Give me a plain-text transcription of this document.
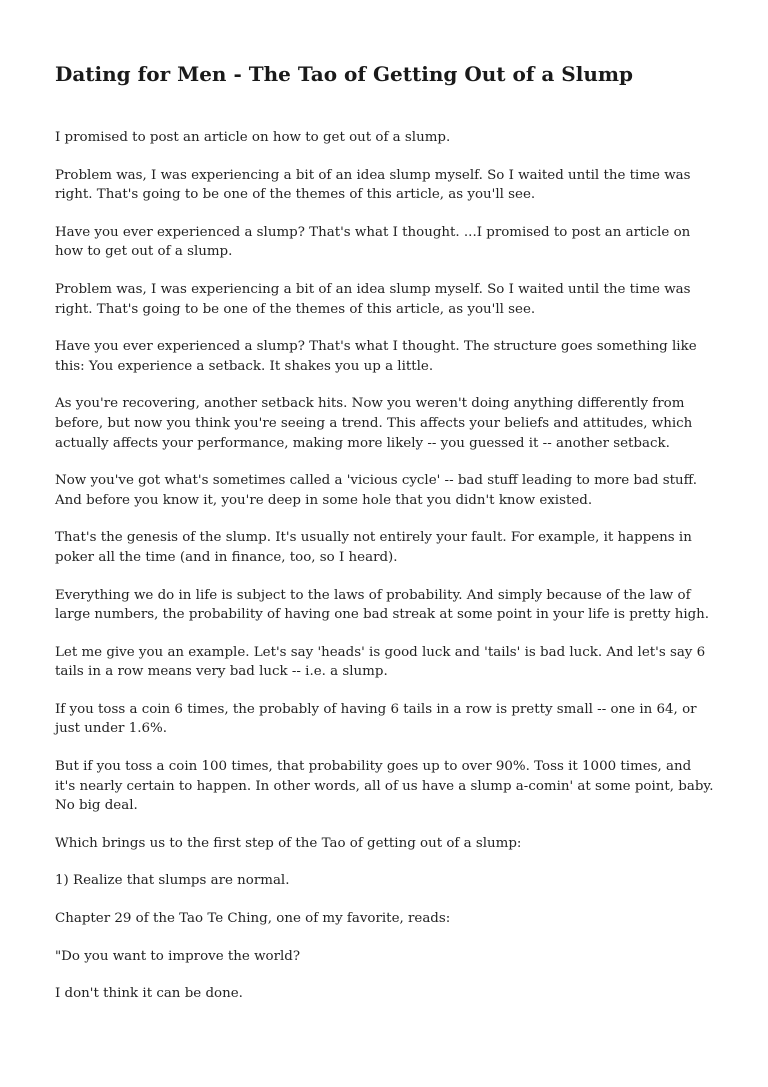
Dating for Men - The Tao of Getting Out of a Slump

I promised to post an article on how to get out of a slump.

Problem was, I was experiencing a bit of an idea slump myself. So I waited until the time was right. That's going to be one of the themes of this article, as you'll see.

Have you ever experienced a slump? That's what I thought. ...I promised to post an article on how to get out of a slump.

Problem was, I was experiencing a bit of an idea slump myself. So I waited until the time was right. That's going to be one of the themes of this article, as you'll see.

Have you ever experienced a slump? That's what I thought. The structure goes something like this: You experience a setback. It shakes you up a little.

As you're recovering, another setback hits. Now you weren't doing anything differently from before, but now you think you're seeing a trend. This affects your beliefs and attitudes, which actually affects your performance, making more likely -- you guessed it -- another setback.

Now you've got what's sometimes called a 'vicious cycle' -- bad stuff leading to more bad stuff. And before you know it, you're deep in some hole that you didn't know existed.

That's the genesis of the slump. It's usually not entirely your fault. For example, it happens in poker all the time (and in finance, too, so I heard).

Everything we do in life is subject to the laws of probability. And simply because of the law of large numbers, the probability of having one bad streak at some point in your life is pretty high.

Let me give you an example. Let's say 'heads' is good luck and 'tails' is bad luck. And let's say 6 tails in a row means very bad luck -- i.e. a slump.

If you toss a coin 6 times, the probably of having 6 tails in a row is pretty small -- one in 64, or just under 1.6%.

But if you toss a coin 100 times, that probability goes up to over 90%. Toss it 1000 times, and it's nearly certain to happen. In other words, all of us have a slump a-comin' at some point, baby. No big deal.

Which brings us to the first step of the Tao of getting out of a slump:

1) Realize that slumps are normal.

Chapter 29 of the Tao Te Ching, one of my favorite, reads:

"Do you want to improve the world?

I don't think it can be done.
